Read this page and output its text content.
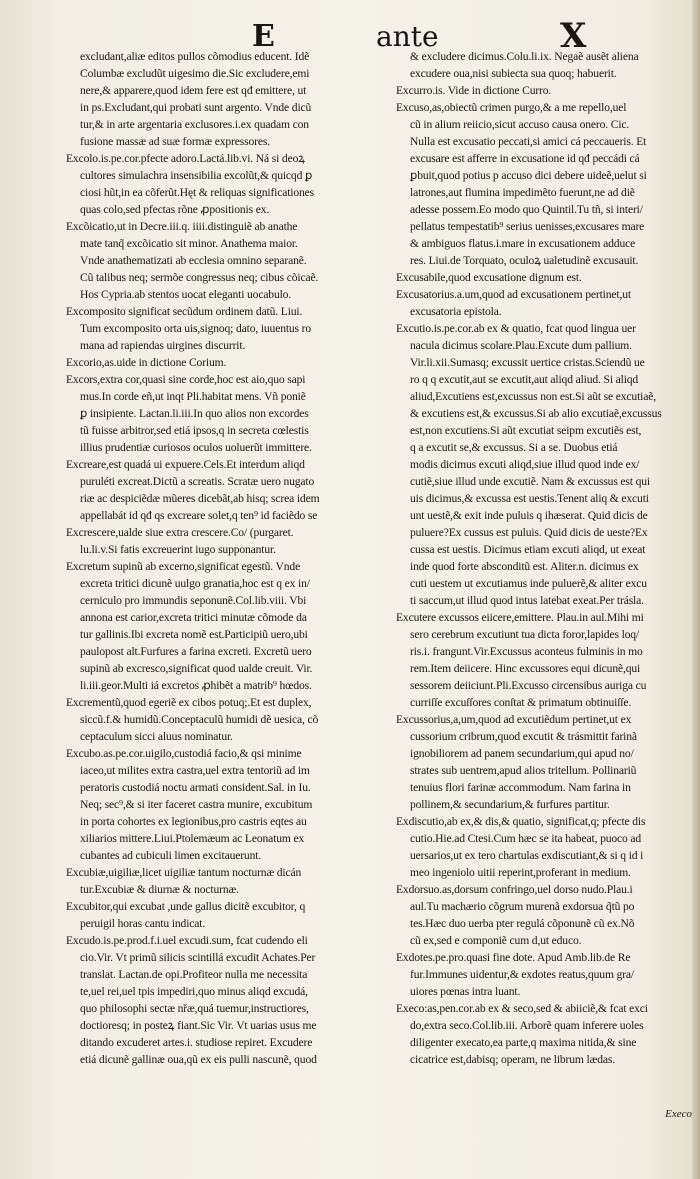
E	ante	X
excludant,aliæ editos pullos cõmodius educent. Idẽ
Columbæ excludũt uigesimo die.Sic excludere,emi
nere,& apparere,quod idem fere est qđ emittere, ut
in ps.Excludant,qui probati sunt argento. Vnde dicũ
tur,& in arte argentaria exclusores.i.ex quadam con
fusione massæ ad suæ formæ expressores.
Excolo.is.pe.cor.pfecte adoro.Lactá.lib.vi. Ná si deoꝝ
cultores simulachra insensibilia excolũt,& quicqd ꝑ
ciosi hũt,in ea cõferũt.Hęt & reliquas significationes
quas colo,sed pfectas rõne ꝓpositionis ex.
Excõicatio,ut in Decre.iii.q. iiii.distinguiẽ ab anathe
mate tanq̃ excõicatio sit minor. Anathema maior.
Vnde anathematizati ab ecclesia omnino separanẽ.
Cũ talibus neq; sermõe congressus neq; cibus cõicaẽ.
Hos Cypria.ab stentos uocat eleganti uocabulo.
Excomposito significat secũdum ordinem datũ. Liui.
Tum excomposito orta uis,signoq; dato, iuuentus ro
mana ad rapiendas uirgines discurrit.
Excorio,as.uide in dictione Corium.
Excors,extra cor,quasi sine corde,hoc est aio,quo sapi
mus.In corde eñ,ut inqt Pli.habitat mens. Vñ poniẽ
ꝑ insipiente. Lactan.li.iii.In quo alios non excordes
tũ fuisse arbitror,sed etiá ipsos,q in secreta cœlestis
illius prudentiæ curiosos oculos uoluerũt immittere.
Excreare,est quadá ui expuere.Cels.Et interdum aliqd
puruléti excreat.Dictũ a screatis. Scratæ uero nugato
riæ ac despiciẽdæ mũeres dicebãt,ab hisq; screa idem
appellabát id qđ qs excreare solet,q ten⁹ id faciẽdo se
Excrescere,ualde siue extra crescere.Co/ (purgaret.
lu.li.v.Si fatis excreuerint iugo supponantur.
Excretum supinũ ab excerno,significat egestũ. Vnde
excreta tritici dicunẽ uulgo granatia,hoc est q ex in/
cerniculo pro immundis seponunẽ.Col.lib.viii. Vbi
annona est carior,excreta tritici minutæ cõmode da
tur gallinis.Ibi excreta nomẽ est.Participiũ uero,ubi
paulopost alt.Furfures a farina excreti. Excretũ uero
supinũ ab excresco,significat quod ualde creuit. Vir.
li.iii.geor.Multi iá excretos ꝓhibẽt a matrib⁹ hœdos.
Excrementũ,quod egeriẽ ex cibos potuq;.Et est duplex,
siccũ.f.& humidũ.Conceptaculũ humidi dẽ uesica, cõ
ceptaculum sicci aluus nominatur.
Excubo.as.pe.cor.uigilo,custodiá facio,& qsi minime
iaceo,ut milites extra castra,uel extra tentoriũ ad im
peratoris custodiá noctu armati consident.Sal. in Iu.
Neq; sec⁹,& si iter faceret castra munire, excubitum
in porta cohortes ex legionibus,pro castris eqtes au
xiliarios mittere.Liui.Ptolemæum ac Leonatum ex
cubantes ad cubiculi limen excitauerunt.
Excubiæ,uigiliæ,licet uigiliæ tantum nocturnæ dicán
tur.Excubiæ & diurnæ & nocturnæ.
Excubitor,qui excubat ,unde gallus dicitẽ excubitor, q
peruigil horas cantu indicat.
Excudo.is.pe.prod.f.i.uel excudi.sum, fcat cudendo eli
cio.Vir. Vt primũ silicis scintillá excudit Achates.Per
translat. Lactan.de opi.Profiteor nulla me necessita
te,uel rei,uel tpis impediri,quo minus aliqd excudá,
quo philosophi sectæ nřæ,quá tuemur,instructiores,
doctioresq; in posteꝝ fiant.Sic Vir. Vt uarias usus me
ditando excuderet artes.i. studiose repiret. Excudere
etiá dicunẽ gallinæ oua,qũ ex eis pulli nascunẽ, quod
& excludere dicimus.Colu.li.ix. Negaẽ ausẽt aliena
excudere oua,nisi subiecta sua quoq; habuerit.
Excurro.is. Vide in dictione Curro.
Excuso,as,obiectũ crimen purgo,& a me repello,uel
cũ in alium reiicio,sicut accuso causa onero. Cic.
Nulla est excusatio peccati,si amici cá peccaueris. Et
excusare est afferre in excusatione id qđ peccádi cá
ꝑbuit,quod potius p accuso dici debere uideẽ,uelut si
latrones,aut flumina impedimẽto fuerunt,ne ad diẽ
adesse possem.Eo modo quo Quintil.Tu tñ, si interi/
pellatus tempestatib⁹ serius uenisses,excusares mare
& ambiguos flatus.i.mare in excusationem adduce
res. Liui.de Torquato, oculoꝝ ualetudinẽ excusauit.
Excusabile,quod excusatione dignum est.
Excusatorius.a.um,quod ad excusationem pertinet,ut
excusatoria epistola.
Excutio.is.pe.cor.ab ex & quatio, fcat quod lingua uer
nacula dicimus scolare.Plau.Excute dum pallium.
Vir.li.xii.Sumasq; excussit uertice cristas.Sciendũ ue
ro q q excutit,aut se excutit,aut aliqd aliud. Si aliqd
aliud,Excutiens est,excussus non est.Si aũt se excutiaẽ,
& excutiens est,& excussus.Si ab alio excutiaẽ,excussus
est,non excutiens.Si aũt excutiat seipm excutiẽs est,
q a excutit se,& excussus. Si a se. Duobus etiá
modis dicimus excuti aliqd,siue illud quod inde ex/
cutiẽ,siue illud unde excutiẽ. Nam & excussus est qui
uis dicimus,& excussa est uestis.Tenent aliq & excuti
unt uestẽ,& exit inde puluis q ihæserat. Quid dicis de
puluere?Ex cussus est puluis. Quid dicis de ueste?Ex
cussa est uestis. Dicimus etiam excuti aliqd, ut exeat
inde quod forte absconditũ est. Aliter.n. dicimus ex
cuti uestem ut excutiamus inde puluerẽ,& aliter excu
ti saccum,ut illud quod intus latebat exeat.Per trásla.
Excutere excussos eiicere,emittere. Plau.in aul.Mihi mi
sero cerebrum excutiunt tua dicta foror,lapides loq/
ris.i. frangunt.Vir.Excussus aconteus fulminis in mo
rem.Item deiicere. Hinc excussores equi dicunẽ,qui
sessorem deiiciunt.Pli.Excusso circensibus auriga cu
curriſſe excuſſores conſtat & primatum obtinuiſſe.
Excussorius,a,um,quod ad excutiẽdum pertinet,ut ex
cussorium cribrum,quod excutit & trásmittit farinã
ignobiliorem ad panem secundarium,qui apud no/
strates sub uentrem,apud alios tritellum. Pollinariũ
tenuius flori farinæ accommodum. Nam farina in
pollinem,& secundarium,& furfures partitur.
Exdiscutio,ab ex,& dis,& quatio, significat,q; pfecte dis
cutio.Hie.ad Ctesi.Cum hæc se ita habeat, puoco ad
uersarios,ut ex tero chartulas exdiscutiant,& si q id i
meo ingeniolo uitii reperint,proferant in medium.
Exdorsuo.as,dorsum confringo,uel dorso nudo.Plau.i
aul.Tu machærio cõgrum murenã exdorsua q̃tũ po
tes.Hæc duo uerba pter regulá cõponunẽ cũ ex.Nõ
cũ ex,sed e componiẽ cum d,ut educo.
Exdotes.pe.pro.quasi fine dote. Apud Amb.lib.de Re
fur.Immunes uidentur,& exdotes reatus,quum gra/
uiores pœnas intra luant.
Execo:as,pen.cor.ab ex & seco,sed & abiiciẽ,& fcat exci
do,extra seco.Col.lib.iii. Arborẽ quam inferere uoles
diligenter execato,ea parte,q maxima nitida,& sine
cicatrice est,dabisq; operam, ne librum lædas.
Execo
